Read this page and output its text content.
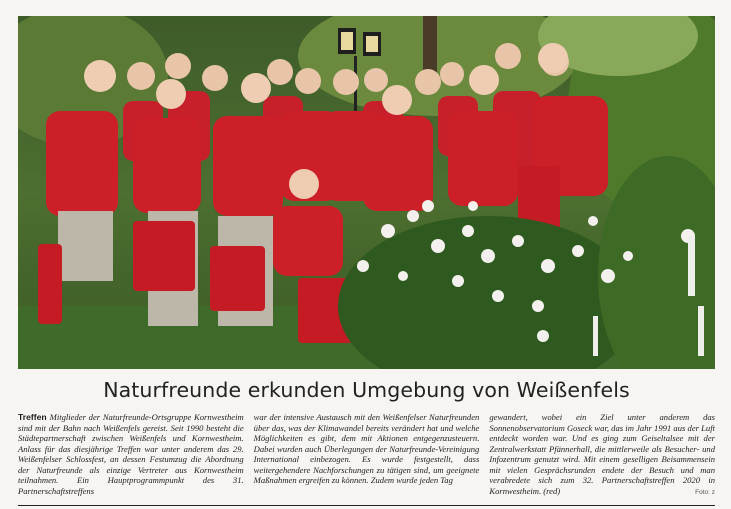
Naturfreunde erkunden Umgebung von Weißenfels

Treffen Mitglieder der Naturfreunde-Ortsgruppe Kornwestheim sind mit der Bahn nach Weißenfels gereist. Seit 1990 besteht die Städtepartnerschaft zwischen Weißenfels und Kornwestheim. Anlass für das diesjährige Treffen war unter anderem das 29. Weißenfelser Schlossfest, an dessen Festumzug die Abordnung der Naturfreunde als einzige Vertreter aus Kornwestheim teilnahmen. Ein Hauptprogrammpunkt des 31. Partnerschaftstreffens

war der intensive Austausch mit den Weißenfelser Naturfreunden über das, was der Klimawandel bereits verändert hat und welche Möglichkeiten es gibt, dem mit Aktionen entgegenzusteuern. Dabei wurden auch Überlegungen der Naturfreunde-Vereinigung International einbezogen. Es wurde festgestellt, dass weitergehendere Nachforschungen zu tätigen sind, um geeignete Maßnahmen ergreifen zu können. Zudem wurde jeden Tag

gewandert, wobei ein Ziel unter anderem das Sonnenobservatorium Goseck war, das im Jahr 1991 aus der Luft entdeckt worden war. Und es ging zum Geiseltalsee mit der Zentralwerkstatt Pfännerhall, die mittlerweile als Besucher- und Infozentrum genutzt wird. Mit einem geselligen Beisammensein mit vielen Gesprächsrunden endete der Besuch und man verabredete sich zum 32. Partnerschaftstreffen 2020 in Kornwestheim. (red)	Foto: z
